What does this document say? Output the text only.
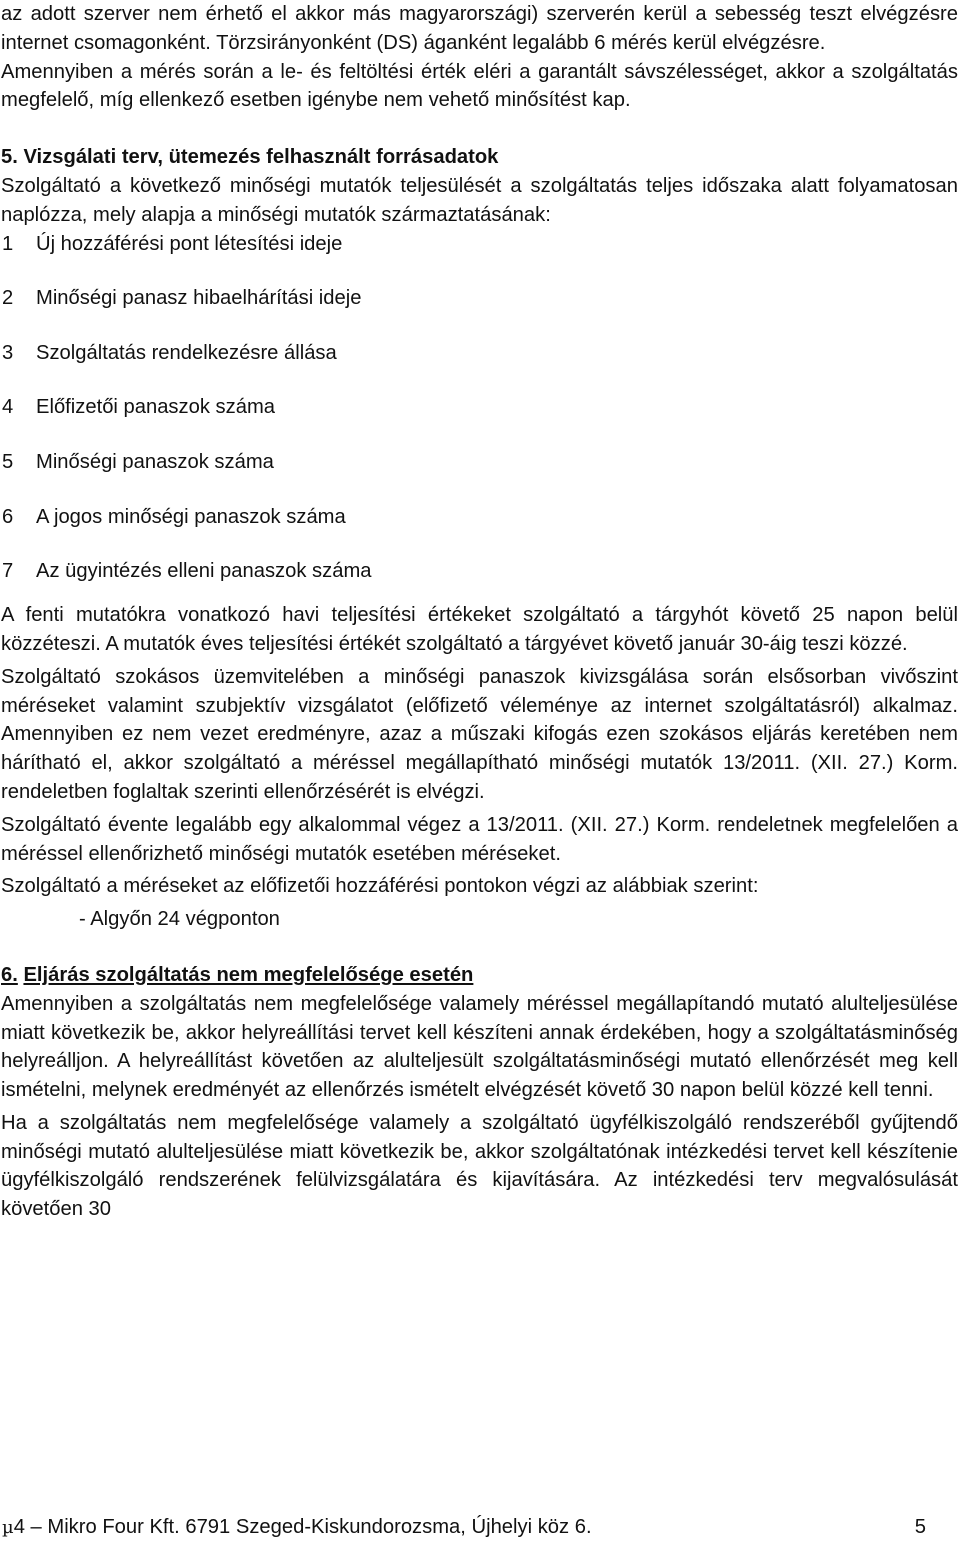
az adott szerver nem érhető el akkor más magyarországi) szerverén kerül a sebesség teszt elvégzésre internet csomagonként. Törzsirányonként (DS) áganként legalább 6 mérés kerül elvégzésre.

Amennyiben a mérés során a le- és feltöltési érték eléri a garantált sávszélességet, akkor a szolgáltatás megfelelő, míg ellenkező esetben igénybe nem vehető minősítést kap.

5. Vizsgálati terv, ütemezés felhasznált forrásadatok

Szolgáltató a következő minőségi mutatók teljesülését a szolgáltatás teljes időszaka alatt folyamatosan naplózza, mely alapja a minőségi mutatók származtatásának:

1	Új hozzáférési pont létesítési ideje
2	Minőségi panasz hibaelhárítási ideje
3	Szolgáltatás rendelkezésre állása
4	Előfizetői panaszok száma
5	Minőségi panaszok száma
6	A jogos minőségi panaszok száma
7	Az ügyintézés elleni panaszok száma

A fenti mutatókra vonatkozó havi teljesítési értékeket szolgáltató a tárgyhót követő 25 napon belül közzéteszi. A mutatók éves teljesítési értékét szolgáltató a tárgyévet követő január 30-áig teszi közzé.

Szolgáltató szokásos üzemvitelében a minőségi panaszok kivizsgálása során elsősorban vivőszint méréseket valamint szubjektív vizsgálatot (előfizető véleménye az internet szolgáltatásról) alkalmaz. Amennyiben ez nem vezet eredményre, azaz a műszaki kifogás ezen szokásos eljárás keretében nem hárítható el, akkor szolgáltató a méréssel megállapítható minőségi mutatók 13/2011. (XII. 27.) Korm. rendeletben foglaltak szerinti ellenőrzésérét is elvégzi.

Szolgáltató évente legalább egy alkalommal végez a 13/2011. (XII. 27.) Korm. rendeletnek megfelelően a méréssel ellenőrizhető minőségi mutatók esetében méréseket.

Szolgáltató a méréseket az előfizetői hozzáférési pontokon végzi az alábbiak szerint:

- Algyőn 24 végponton

6. Eljárás szolgáltatás nem megfelelősége esetén

Amennyiben a szolgáltatás nem megfelelősége valamely méréssel megállapítandó mutató alulteljesülése miatt következik be, akkor helyreállítási tervet kell készíteni annak érdekében, hogy a szolgáltatásminőség helyreálljon. A helyreállítást követően az alulteljesült szolgáltatásminőségi mutató ellenőrzését meg kell ismételni, melynek eredményét az ellenőrzés ismételt elvégzését követő 30 napon belül közzé kell tenni.

Ha a szolgáltatás nem megfelelősége valamely a szolgáltató ügyfélkiszolgáló rendszeréből gyűjtendő minőségi mutató alulteljesülése miatt következik be, akkor szolgáltatónak intézkedési tervet kell készítenie ügyfélkiszolgáló rendszerének felülvizsgálatára és kijavítására. Az intézkedési terv megvalósulását követően 30

µ4 – Mikro Four Kft. 6791 Szeged-Kiskundorozsma, Újhelyi köz 6.	5
